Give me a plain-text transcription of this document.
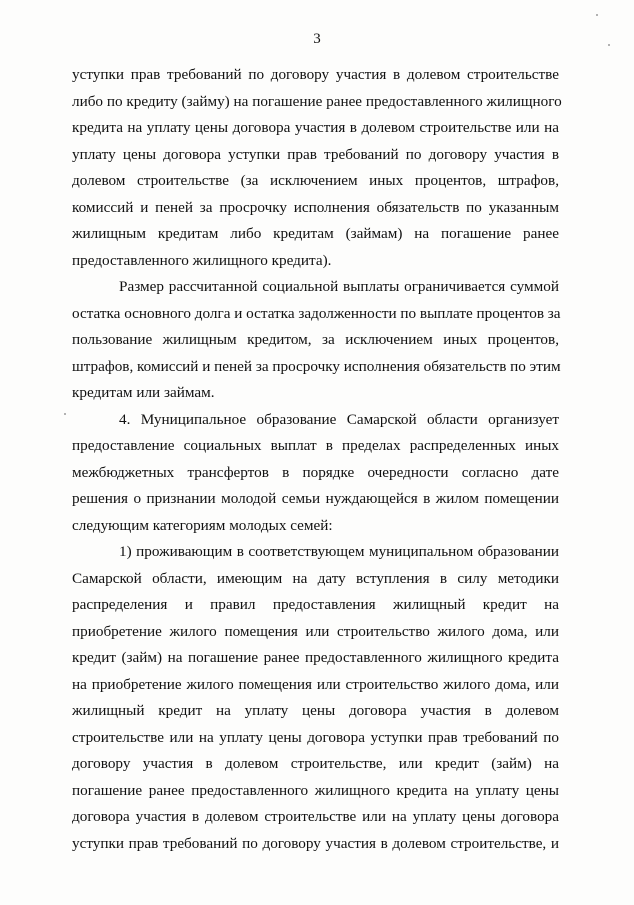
3
уступки прав требований по договору участия в долевом строительстве
либо по кредиту (займу) на погашение ранее предоставленного жилищного
кредита на уплату цены договора участия в долевом строительстве или на
уплату цены договора уступки прав требований по договору участия в
долевом строительстве (за исключением иных процентов, штрафов,
комиссий и пеней за просрочку исполнения обязательств по указанным
жилищным кредитам либо кредитам (займам) на погашение ранее
предоставленного жилищного кредита).
Размер рассчитанной социальной выплаты ограничивается суммой
остатка основного долга и остатка задолженности по выплате процентов за
пользование жилищным кредитом, за исключением иных процентов,
штрафов, комиссий и пеней за просрочку исполнения обязательств по этим
кредитам или займам.
4. Муниципальное образование Самарской области организует
предоставление социальных выплат в пределах распределенных иных
межбюджетных трансфертов в порядке очередности согласно дате
решения о признании молодой семьи нуждающейся в жилом помещении
следующим категориям молодых семей:
1) проживающим в соответствующем муниципальном образовании
Самарской области, имеющим на дату вступления в силу методики
распределения и правил предоставления жилищный кредит на
приобретение жилого помещения или строительство жилого дома, или
кредит (займ) на погашение ранее предоставленного жилищного кредита
на приобретение жилого помещения или строительство жилого дома, или
жилищный кредит на уплату цены договора участия в долевом
строительстве или на уплату цены договора уступки прав требований по
договору участия в долевом строительстве, или кредит (займ) на
погашение ранее предоставленного жилищного кредита на уплату цены
договора участия в долевом строительстве или на уплату цены договора
уступки прав требований по договору участия в долевом строительстве, и
